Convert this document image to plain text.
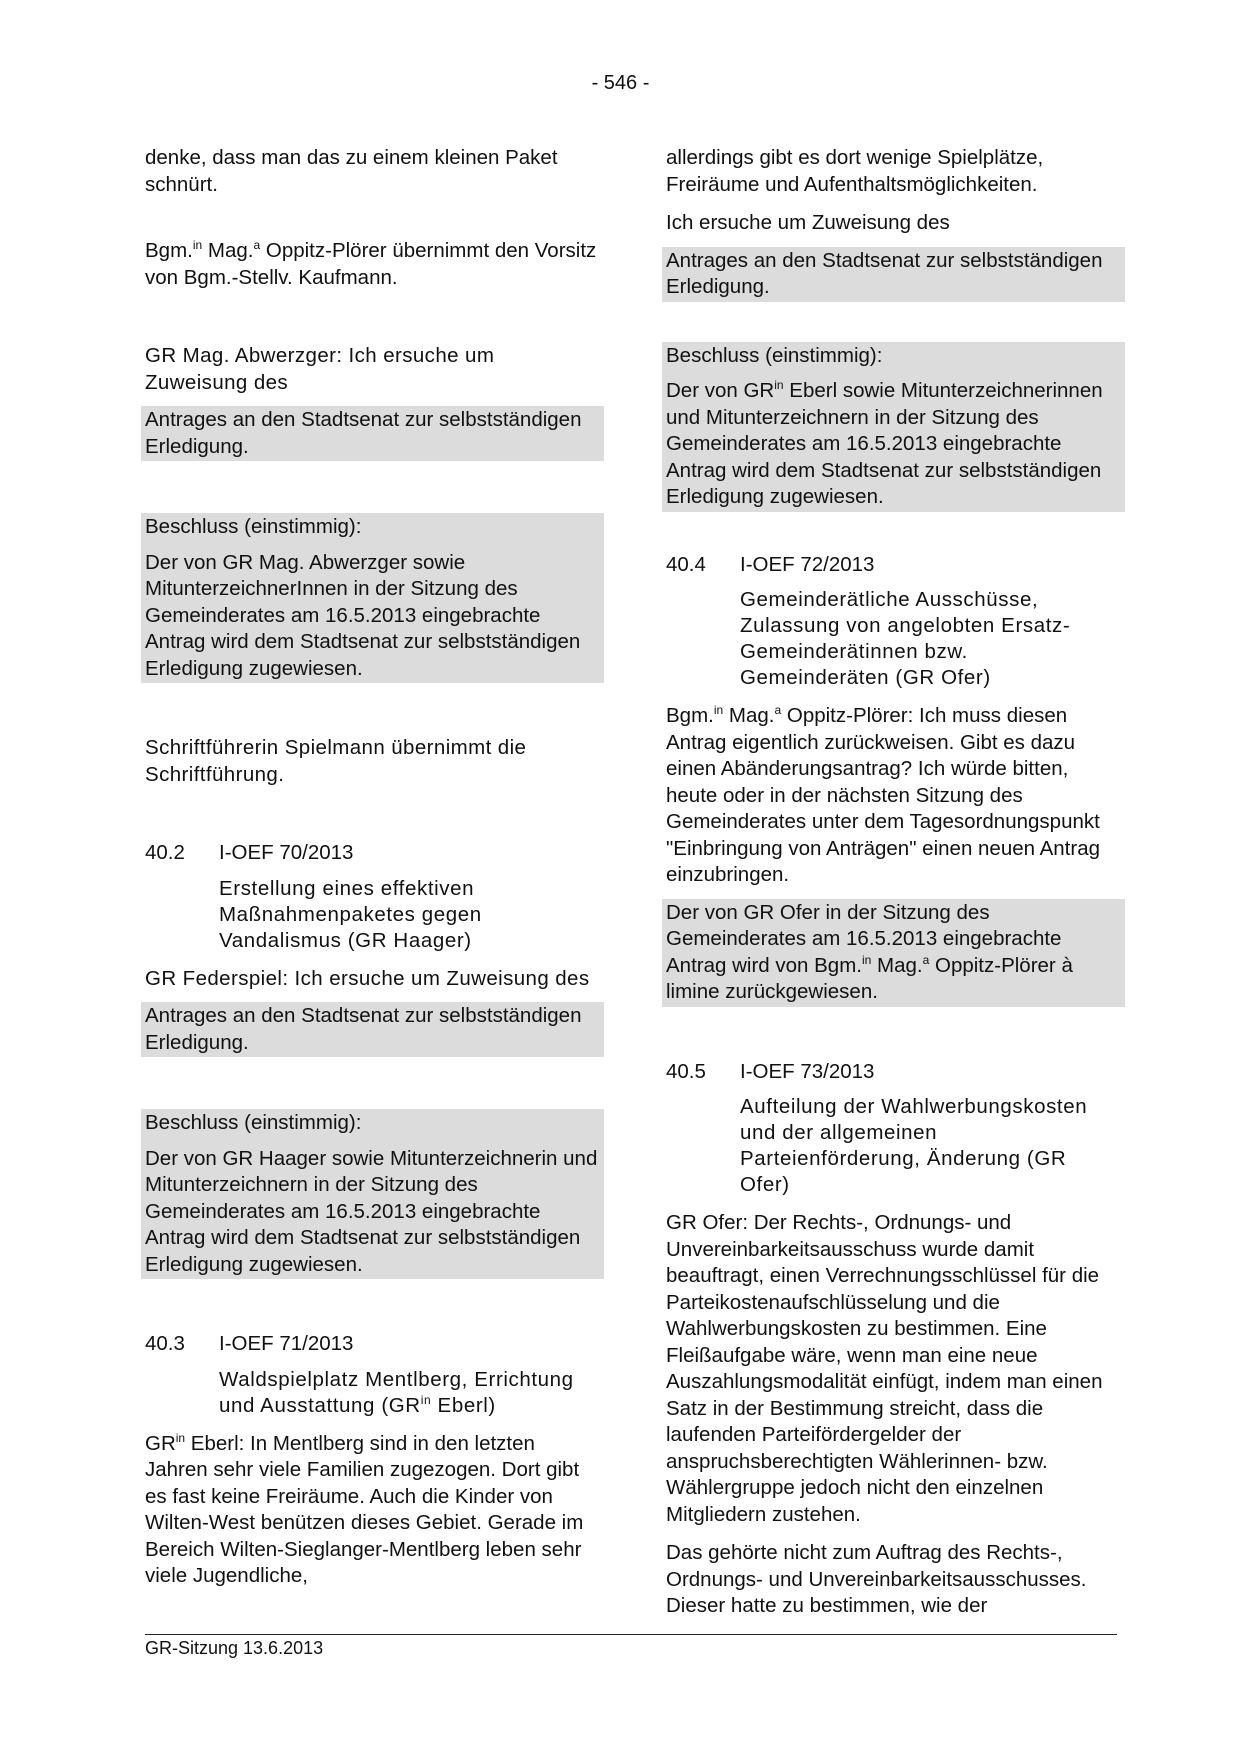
- 546 -

denke, dass man das zu einem kleinen Paket schnürt.

Bgm.$^{in}$ Mag.$^a$ Oppitz-Plörer übernimmt den Vorsitz von Bgm.-Stellv. Kaufmann.

GR Mag. Abwerzger: Ich ersuche um Zuweisung des

Antrages an den Stadtsenat zur selbstständigen Erledigung.

Beschluss (einstimmig):

Der von GR Mag. Abwerzger sowie MitunterzeichnerInnen in der Sitzung des Gemeinderates am 16.5.2013 eingebrachte Antrag wird dem Stadtsenat zur selbstständigen Erledigung zugewiesen.

Schriftführerin Spielmann übernimmt die Schriftführung.

40.2	I-OEF 70/2013

Erstellung eines effektiven Maßnahmenpaketes gegen Vandalismus (GR Haager)

GR Federspiel: Ich ersuche um Zuweisung des

Antrages an den Stadtsenat zur selbstständigen Erledigung.

Beschluss (einstimmig):

Der von GR Haager sowie Mitunterzeichnerin und Mitunterzeichnern in der Sitzung des Gemeinderates am 16.5.2013 eingebrachte Antrag wird dem Stadtsenat zur selbstständigen Erledigung zugewiesen.

40.3	I-OEF 71/2013

Waldspielplatz Mentlberg, Errichtung und Ausstattung ($GR^{in}$ Eberl)

$GR^{in}$ Eberl: In Mentlberg sind in den letzten Jahren sehr viele Familien zugezogen. Dort gibt es fast keine Freiräume. Auch die Kinder von Wilten-West benützen dieses Gebiet. Gerade im Bereich Wilten-Sieglanger-Mentlberg leben sehr viele Jugendliche,

allerdings gibt es dort wenige Spielplätze, Freiräume und Aufenthaltsmöglichkeiten.

Ich ersuche um Zuweisung des

Antrages an den Stadtsenat zur selbstständigen Erledigung.

Beschluss (einstimmig):

Der von $GR^{in}$ Eberl sowie Mitunterzeichnerinnen und Mitunterzeichnern in der Sitzung des Gemeinderates am 16.5.2013 eingebrachte Antrag wird dem Stadtsenat zur selbstständigen Erledigung zugewiesen.

40.4	I-OEF 72/2013

Gemeinderätliche Ausschüsse, Zulassung von angelobten Ersatz-Gemeinderätinnen bzw. Gemeinderäten (GR Ofer)

Bgm.$^{in}$ Mag.$^a$ Oppitz-Plörer: Ich muss diesen Antrag eigentlich zurückweisen. Gibt es dazu einen Abänderungsantrag? Ich würde bitten, heute oder in der nächsten Sitzung des Gemeinderates unter dem Tagesordnungspunkt "Einbringung von Anträgen" einen neuen Antrag einzubringen.

Der von GR Ofer in der Sitzung des Gemeinderates am 16.5.2013 eingebrachte Antrag wird von Bgm.$^{in}$ Mag.$^a$ Oppitz-Plörer à limine zurückgewiesen.

40.5	I-OEF 73/2013

Aufteilung der Wahlwerbungskosten und der allgemeinen Parteienförderung, Änderung (GR Ofer)

GR Ofer: Der Rechts-, Ordnungs- und Unvereinbarkeitsausschuss wurde damit beauftragt, einen Verrechnungsschlüssel für die Parteikostenaufschlüsselung und die Wahlwerbungskosten zu bestimmen. Eine Fleißaufgabe wäre, wenn man eine neue Auszahlungsmodalität einfügt, indem man einen Satz in der Bestimmung streicht, dass die laufenden Parteifördergelder der anspruchsberechtigten Wählerinnen- bzw. Wählergruppe jedoch nicht den einzelnen Mitgliedern zustehen.

Das gehörte nicht zum Auftrag des Rechts-, Ordnungs- und Unvereinbarkeitsausschusses. Dieser hatte zu bestimmen, wie der

GR-Sitzung 13.6.2013
